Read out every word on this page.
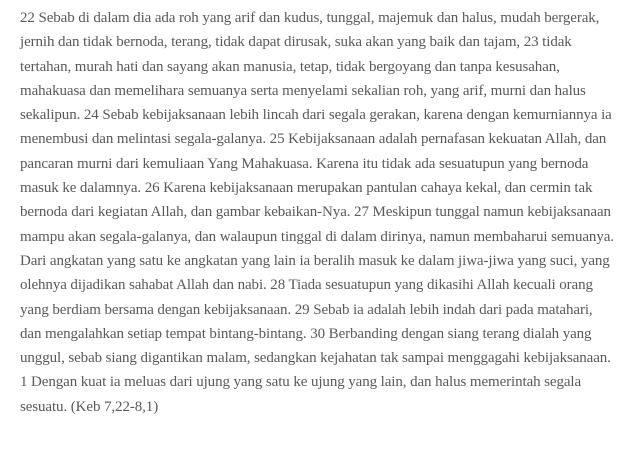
22 Sebab di dalam dia ada roh yang arif dan kudus, tunggal, majemuk dan halus, mudah bergerak, jernih dan tidak bernoda, terang, tidak dapat dirusak, suka akan yang baik dan tajam, 23 tidak tertahan, murah hati dan sayang akan manusia, tetap, tidak bergoyang dan tanpa kesusahan, mahakuasa dan memelihara semuanya serta menyelami sekalian roh, yang arif, murni dan halus sekalipun. 24 Sebab kebijaksanaan lebih lincah dari segala gerakan, karena dengan kemurniannya ia menembusi dan melintasi segala-galanya. 25 Kebijaksanaan adalah pernafasan kekuatan Allah, dan pancaran murni dari kemuliaan Yang Mahakuasa. Karena itu tidak ada sesuatupun yang bernoda masuk ke dalamnya. 26 Karena kebijaksanaan merupakan pantulan cahaya kekal, dan cermin tak bernoda dari kegiatan Allah, dan gambar kebaikan-Nya. 27 Meskipun tunggal namun kebijaksanaan mampu akan segala-galanya, dan walaupun tinggal di dalam dirinya, namun membaharui semuanya. Dari angkatan yang satu ke angkatan yang lain ia beralih masuk ke dalam jiwa-jiwa yang suci, yang olehnya dijadikan sahabat Allah dan nabi. 28 Tiada sesuatupun yang dikasihi Allah kecuali orang yang berdiam bersama dengan kebijaksanaan. 29 Sebab ia adalah lebih indah dari pada matahari, dan mengalahkan setiap tempat bintang-bintang. 30 Berbanding dengan siang terang dialah yang unggul, sebab siang digantikan malam, sedangkan kejahatan tak sampai menggagahi kebijaksanaan. 1 Dengan kuat ia meluas dari ujung yang satu ke ujung yang lain, dan halus memerintah segala sesuatu. (Keb 7,22-8,1)
